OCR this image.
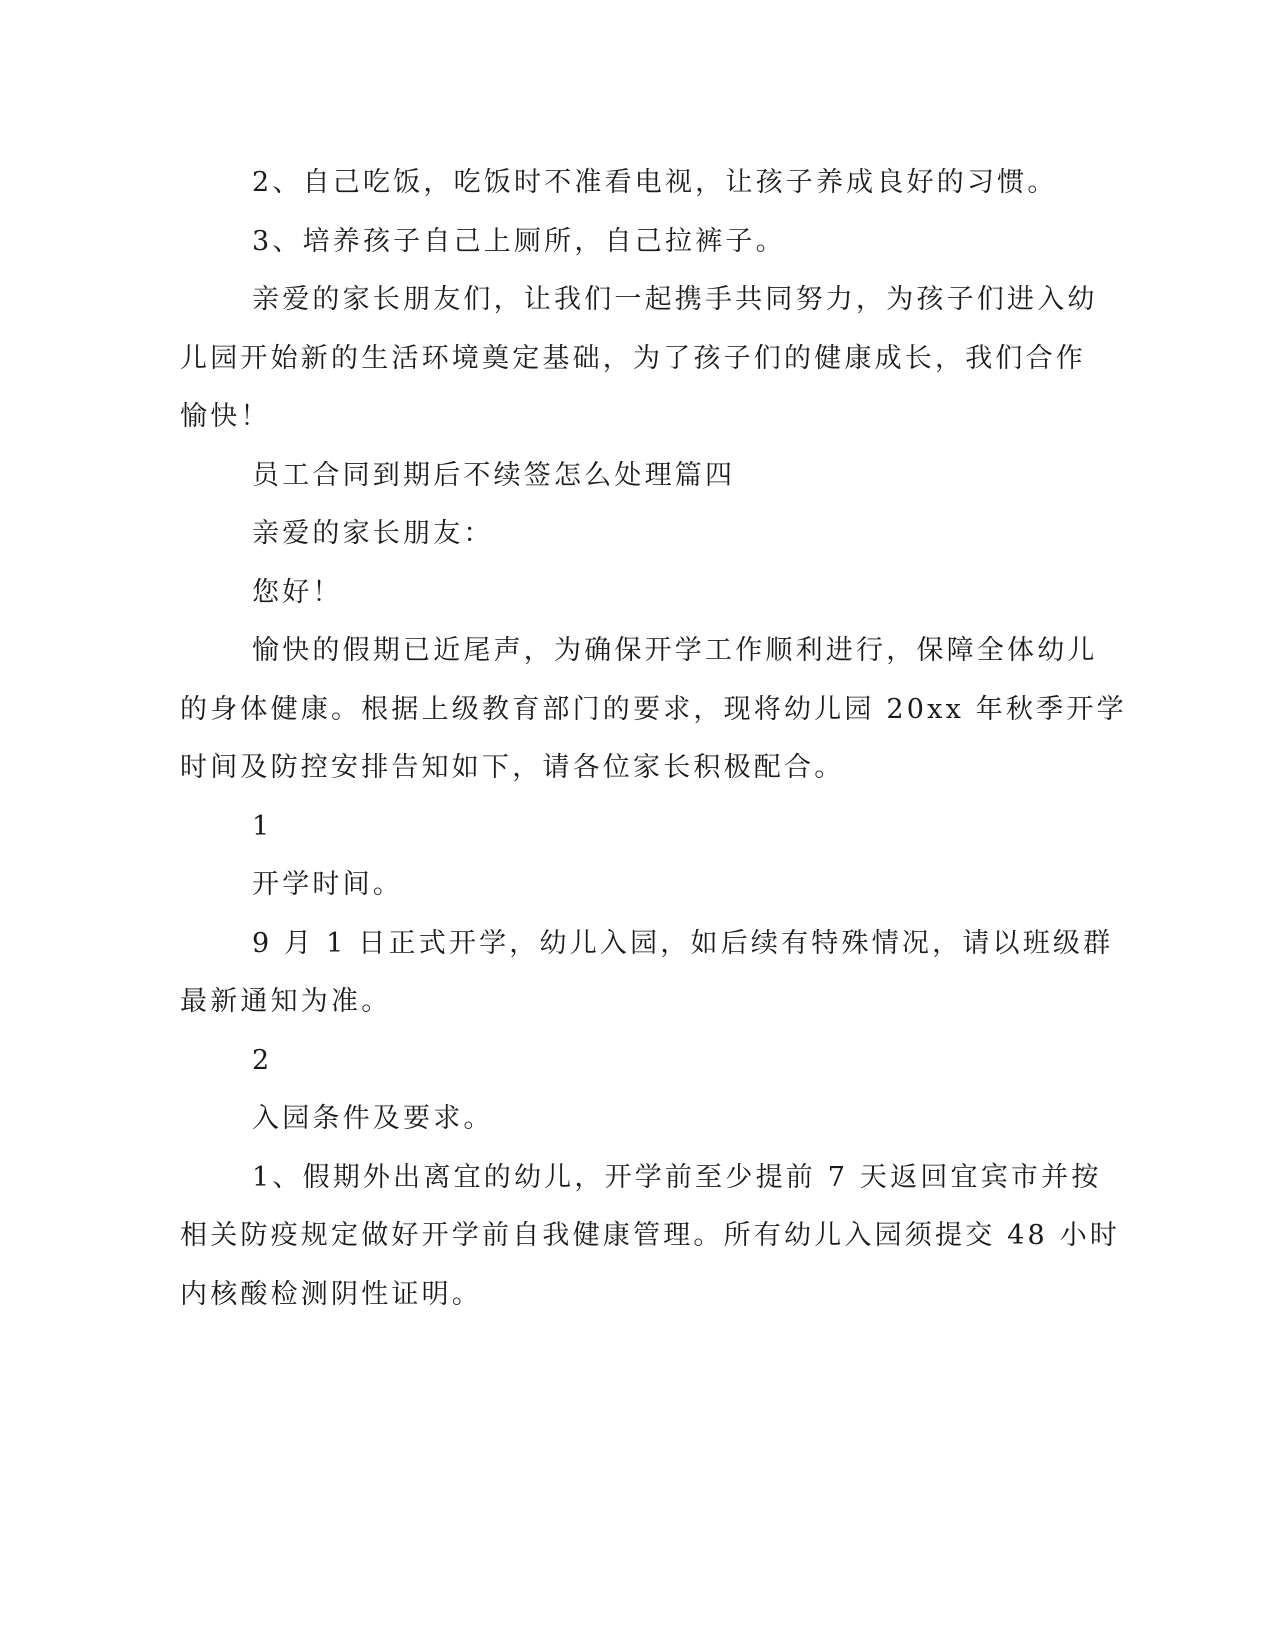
2、自己吃饭，吃饭时不准看电视，让孩子养成良好的习惯。
3、培养孩子自己上厕所，自己拉裤子。
亲爱的家长朋友们，让我们一起携手共同努力，为孩子们进入幼
儿园开始新的生活环境奠定基础，为了孩子们的健康成长，我们合作
愉快！
员工合同到期后不续签怎么处理篇四
亲爱的家长朋友：
您好！
愉快的假期已近尾声，为确保开学工作顺利进行，保障全体幼儿
的身体健康。根据上级教育部门的要求，现将幼儿园 20xx 年秋季开学
时间及防控安排告知如下，请各位家长积极配合。
1
开学时间。
9 月 1 日正式开学，幼儿入园，如后续有特殊情况，请以班级群
最新通知为准。
2
入园条件及要求。
1、假期外出离宜的幼儿，开学前至少提前 7 天返回宜宾市并按
相关防疫规定做好开学前自我健康管理。所有幼儿入园须提交 48 小时
内核酸检测阴性证明。
